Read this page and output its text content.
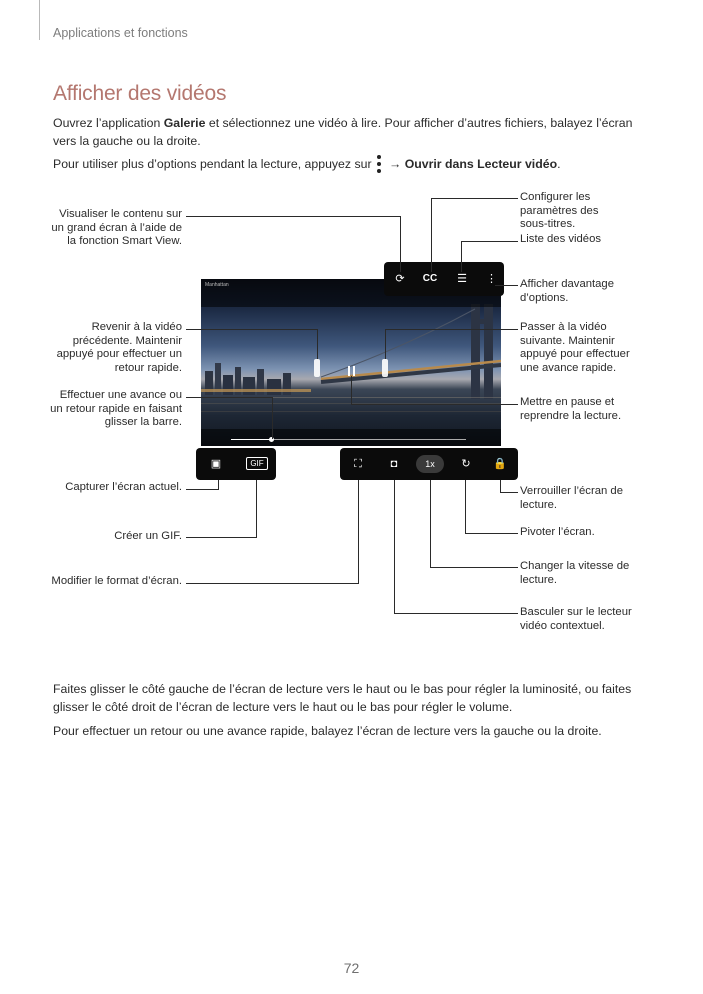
Applications et fonctions
Afficher des vidéos
Ouvrez l’application Galerie et sélectionnez une vidéo à lire. Pour afficher d’autres fichiers, balayez l’écran vers la gauche ou la droite.
Pour utiliser plus d’options pendant la lecture, appuyez sur
→ Ouvrir dans Lecteur vidéo.
Visualiser le contenu sur un grand écran à l’aide de la fonction Smart View.
Revenir à la vidéo précédente. Maintenir appuyé pour effectuer un retour rapide.
Effectuer une avance ou un retour rapide en faisant glisser la barre.
Capturer l’écran actuel.
Créer un GIF.
Modifier le format d’écran.
Configurer les paramètres des sous-titres.
Liste des vidéos
Afficher davantage d’options.
Passer à la vidéo suivante. Maintenir appuyé pour effectuer une avance rapide.
Mettre en pause et reprendre la lecture.
Verrouiller l’écran de lecture.
Pivoter l’écran.
Changer la vitesse de lecture.
Basculer sur le lecteur vidéo contextuel.
Manhattan	⟳	CC ☰ ⋮
▣	GIF	⛶	◘	1x	↻	🔒
Faites glisser le côté gauche de l’écran de lecture vers le haut ou le bas pour régler la luminosité, ou faites glisser le côté droit de l’écran de lecture vers le haut ou le bas pour régler le volume.
Pour effectuer un retour ou une avance rapide, balayez l’écran de lecture vers la gauche ou la droite.
72
